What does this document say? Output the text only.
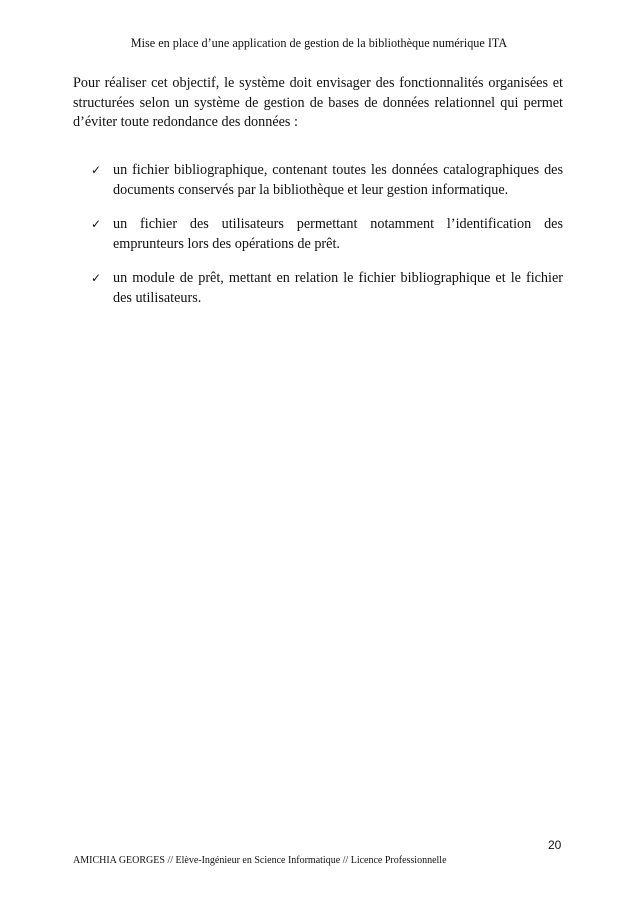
Mise en place d’une application de gestion de la bibliothèque numérique ITA

Pour réaliser cet objectif, le système doit envisager des fonctionnalités organisées et structurées selon un système de gestion de bases de données relationnel qui permet d’éviter toute redondance des données :

✓ un fichier bibliographique, contenant toutes les données catalographiques des documents conservés par la bibliothèque et leur gestion informatique.
✓ un fichier des utilisateurs permettant notamment l’identification des emprunteurs lors des opérations de prêt.
✓ un module de prêt, mettant en relation le fichier bibliographique et le fichier des utilisateurs.
20
AMICHIA GEORGES // Elève-Ingénieur en Science Informatique // Licence Professionnelle
